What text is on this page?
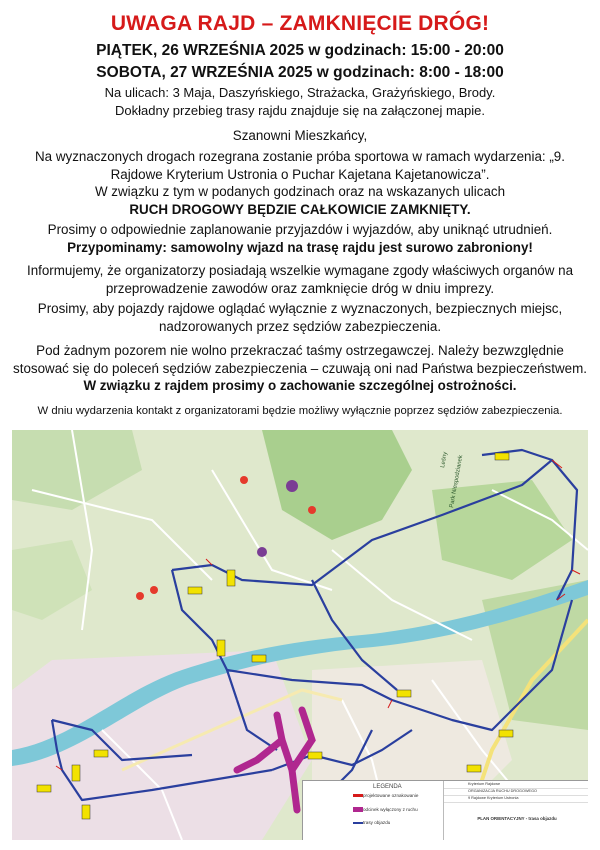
UWAGA RAJD – ZAMKNIĘCIE DRÓG!
PIĄTEK, 26 WRZEŚNIA 2025 w godzinach: 15:00 - 20:00
SOBOTA, 27 WRZEŚNIA 2025 w godzinach: 8:00 - 18:00
Na ulicach: 3 Maja, Daszyńskiego, Strażacka, Grażyńskiego, Brody.
Dokładny przebieg trasy rajdu znajduje się na załączonej mapie.
Szanowni Mieszkańcy,
Na wyznaczonych drogach rozegrana zostanie próba sportowa w ramach wydarzenia: „9. Rajdowe Kryterium Ustronia o Puchar Kajetana Kajetanowicza”.
W związku z tym w podanych godzinach oraz na wskazanych ulicach
RUCH DROGOWY BĘDZIE CAŁKOWICIE ZAMKNIĘTY.
Prosimy o odpowiednie zaplanowanie przyjazdów i wyjazdów, aby uniknąć utrudnień.
Przypominamy: samowolny wjazd na trasę rajdu jest surowo zabroniony!
Informujemy, że organizatorzy posiadają wszelkie wymagane zgody właściwych organów na przeprowadzenie zawodów oraz zamknięcie dróg w dniu imprezy.
Prosimy, aby pojazdy rajdowe oglądać wyłącznie z wyznaczonych, bezpiecznych miejsc, nadzorowanych przez sędziów zabezpieczenia.
Pod żadnym pozorem nie wolno przekraczać taśmy ostrzegawczej. Należy bezwzględnie stosować się do poleceń sędziów zabezpieczenia – czuwają oni nad Państwa bezpieczeństwem. W związku z rajdem prosimy o zachowanie szczególnej ostrożności.
W dniu wydarzenia kontakt z organizatorami będzie możliwy wyłącznie poprzez sędziów zabezpieczenia.
Leśny Park Niespodzianek
LEGENDA
projektowane oznakowanie
odcinek wyłączony z ruchu
trasy objazdu
Kryterium Rajdowe
ORGANIZACJA RUCHU DROGOWEGO
9 Rajdowe Kryterium Ustronia
PLAN ORIENTACYJNY - trasa objazdu
